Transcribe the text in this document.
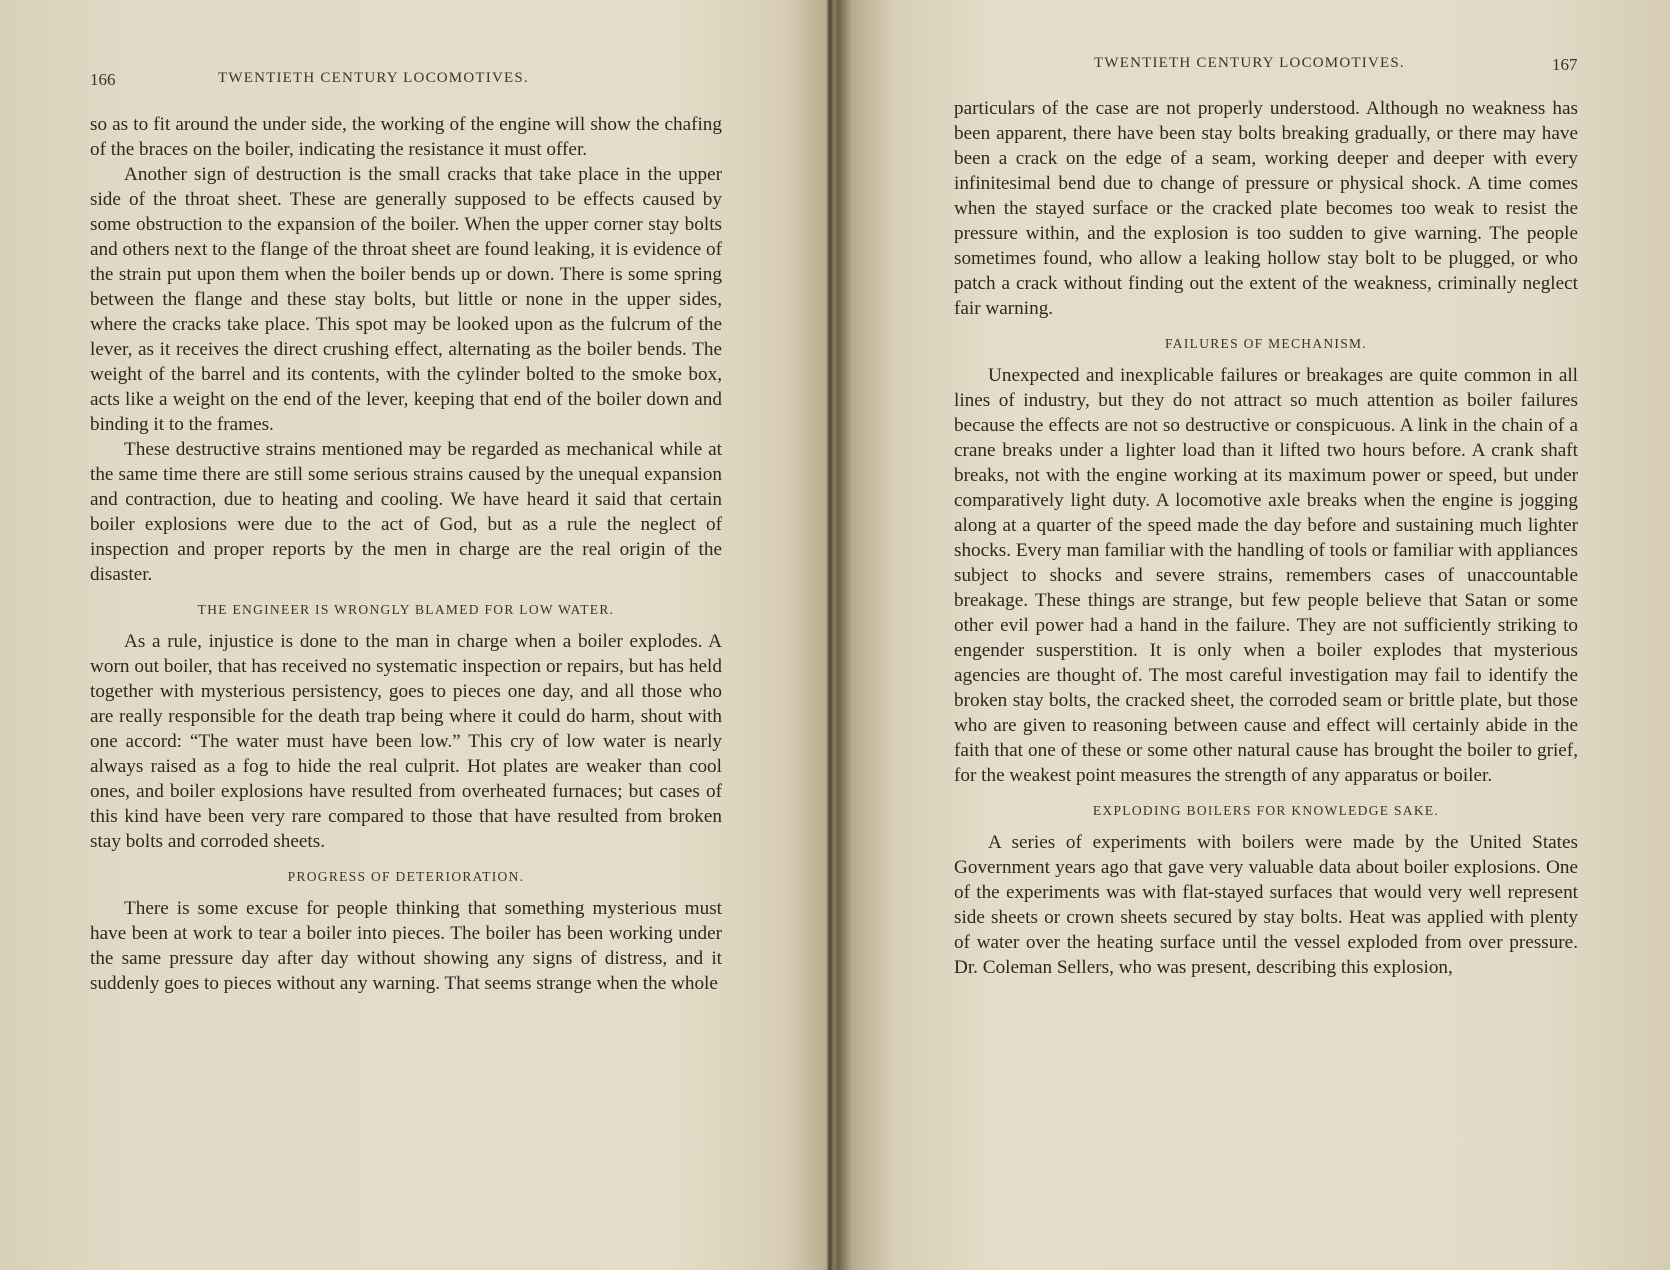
166	TWENTIETH CENTURY LOCOMOTIVES.

so as to fit around the under side, the working of the engine will show the chafing of the braces on the boiler, indicating the resistance it must offer.

Another sign of destruction is the small cracks that take place in the upper side of the throat sheet. These are generally supposed to be effects caused by some obstruction to the expansion of the boiler. When the upper corner stay bolts and others next to the flange of the throat sheet are found leaking, it is evidence of the strain put upon them when the boiler bends up or down. There is some spring between the flange and these stay bolts, but little or none in the upper sides, where the cracks take place. This spot may be looked upon as the fulcrum of the lever, as it receives the direct crushing effect, alternating as the boiler bends. The weight of the barrel and its contents, with the cylinder bolted to the smoke box, acts like a weight on the end of the lever, keeping that end of the boiler down and binding it to the frames.

These destructive strains mentioned may be regarded as mechanical while at the same time there are still some serious strains caused by the unequal expansion and contraction, due to heating and cooling. We have heard it said that certain boiler explosions were due to the act of God, but as a rule the neglect of inspection and proper reports by the men in charge are the real origin of the disaster.

THE ENGINEER IS WRONGLY BLAMED FOR LOW WATER.

As a rule, injustice is done to the man in charge when a boiler explodes. A worn out boiler, that has received no systematic inspection or repairs, but has held together with mysterious persistency, goes to pieces one day, and all those who are really responsible for the death trap being where it could do harm, shout with one accord: “The water must have been low.” This cry of low water is nearly always raised as a fog to hide the real culprit. Hot plates are weaker than cool ones, and boiler explosions have resulted from overheated furnaces; but cases of this kind have been very rare compared to those that have resulted from broken stay bolts and corroded sheets.

PROGRESS OF DETERIORATION.

There is some excuse for people thinking that something mysterious must have been at work to tear a boiler into pieces. The boiler has been working under the same pressure day after day without showing any signs of distress, and it suddenly goes to pieces without any warning. That seems strange when the whole

TWENTIETH CENTURY LOCOMOTIVES.	167

particulars of the case are not properly understood. Although no weakness has been apparent, there have been stay bolts breaking gradually, or there may have been a crack on the edge of a seam, working deeper and deeper with every infinitesimal bend due to change of pressure or physical shock. A time comes when the stayed surface or the cracked plate becomes too weak to resist the pressure within, and the explosion is too sudden to give warning. The people sometimes found, who allow a leaking hollow stay bolt to be plugged, or who patch a crack without finding out the extent of the weakness, criminally neglect fair warning.

FAILURES OF MECHANISM.

Unexpected and inexplicable failures or breakages are quite common in all lines of industry, but they do not attract so much attention as boiler failures because the effects are not so destructive or conspicuous. A link in the chain of a crane breaks under a lighter load than it lifted two hours before. A crank shaft breaks, not with the engine working at its maximum power or speed, but under comparatively light duty. A locomotive axle breaks when the engine is jogging along at a quarter of the speed made the day before and sustaining much lighter shocks. Every man familiar with the handling of tools or familiar with appliances subject to shocks and severe strains, remembers cases of unaccountable breakage. These things are strange, but few people believe that Satan or some other evil power had a hand in the failure. They are not sufficiently striking to engender susperstition. It is only when a boiler explodes that mysterious agencies are thought of. The most careful investigation may fail to identify the broken stay bolts, the cracked sheet, the corroded seam or brittle plate, but those who are given to reasoning between cause and effect will certainly abide in the faith that one of these or some other natural cause has brought the boiler to grief, for the weakest point measures the strength of any apparatus or boiler.

EXPLODING BOILERS FOR KNOWLEDGE SAKE.

A series of experiments with boilers were made by the United States Government years ago that gave very valuable data about boiler explosions. One of the experiments was with flat-stayed surfaces that would very well represent side sheets or crown sheets secured by stay bolts. Heat was applied with plenty of water over the heating surface until the vessel exploded from over pressure. Dr. Coleman Sellers, who was present, describing this explosion,
